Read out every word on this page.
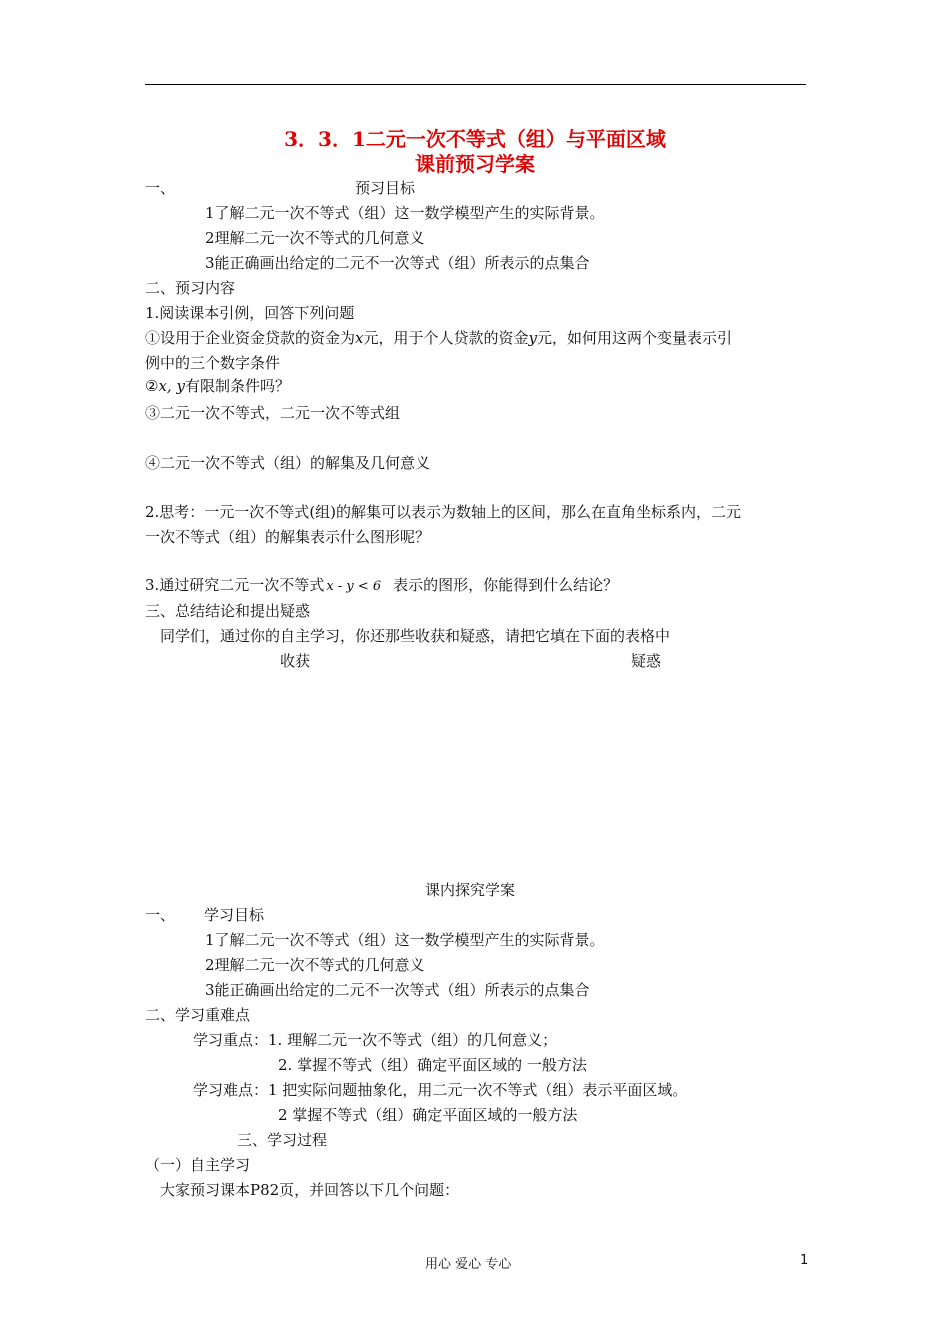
3．3．1二元一次不等式（组）与平面区域
课前预习学案
一、	预习目标
1了解二元一次不等式（组）这一数学模型产生的实际背景。
2理解二元一次不等式的几何意义
3能正确画出给定的二元不一次等式（组）所表示的点集合
二、预习内容
1.阅读课本引例，回答下列问题
①设用于企业资金贷款的资金为x元，用于个人贷款的资金y元，如何用这两个变量表示引
例中的三个数字条件
②x, y有限制条件吗？
③二元一次不等式，二元一次不等式组
④二元一次不等式（组）的解集及几何意义
2.思考：一元一次不等式(组)的解集可以表示为数轴上的区间，那么在直角坐标系内，二元
一次不等式（组）的解集表示什么图形呢？
3.通过研究二元一次不等式 x - y < 6 表示的图形，你能得到什么结论？
三、总结结论和提出疑惑
同学们，通过你的自主学习，你还那些收获和疑惑，请把它填在下面的表格中
收获	疑惑
课内探究学案
一、 学习目标
1了解二元一次不等式（组）这一数学模型产生的实际背景。
2理解二元一次不等式的几何意义
3能正确画出给定的二元不一次等式（组）所表示的点集合
二、学习重难点
学习重点：1. 理解二元一次不等式（组）的几何意义；
2. 掌握不等式（组）确定平面区域的 一般方法
学习难点：1 把实际问题抽象化，用二元一次不等式（组）表示平面区域。
2 掌握不等式（组）确定平面区域的一般方法
三、学习过程
（一）自主学习
大家预习课本P82页，并回答以下几个问题：
用心 爱心 专心	1
